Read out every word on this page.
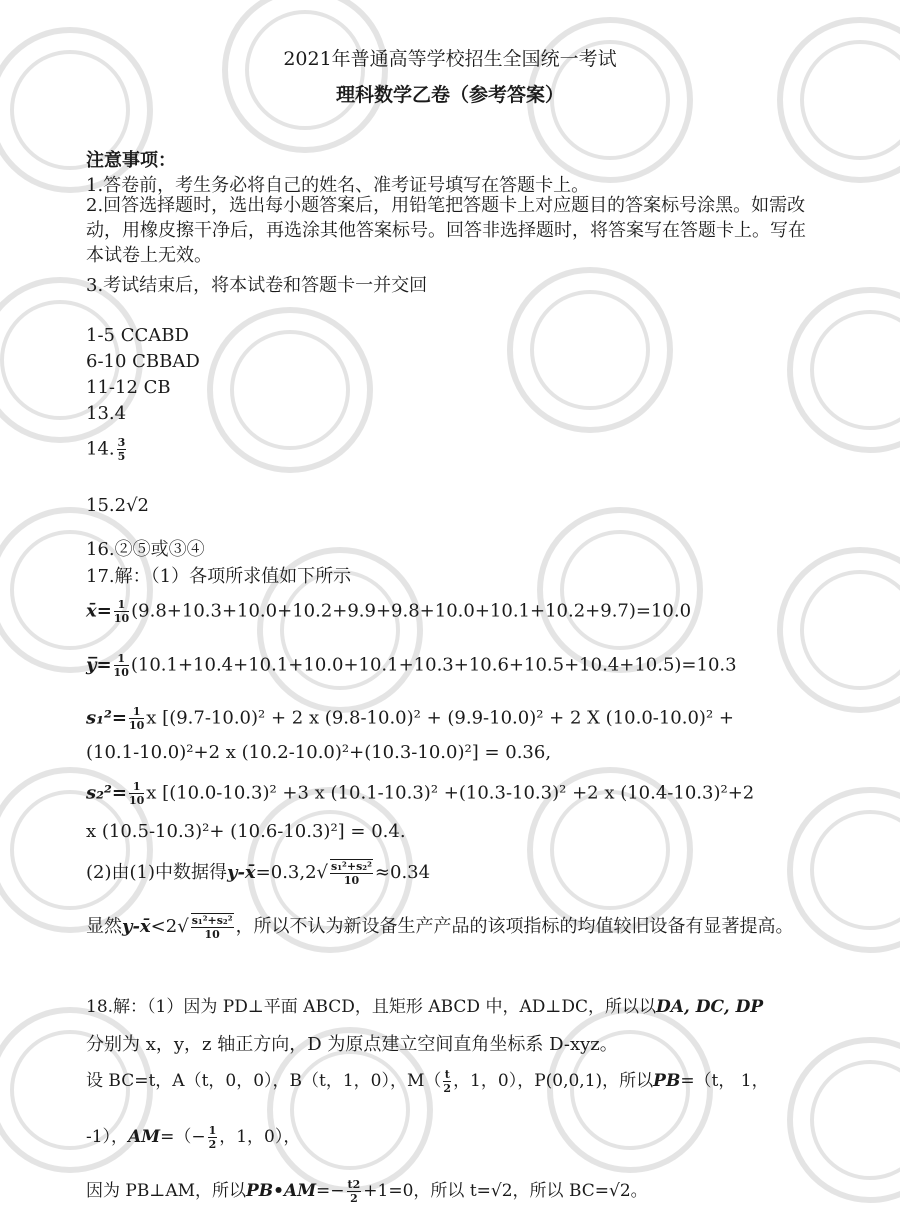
2021年普通高等学校招生全国统一考试
理科数学乙卷（参考答案）
注意事项：
1.答卷前，考生务必将自己的姓名、准考证号填写在答题卡上。
2.回答选择题时，选出每小题答案后，用铅笔把答题卡上对应题目的答案标号涂黑。如需改动，用橡皮擦干净后，再选涂其他答案标号。回答非选择题时，将答案写在答题卡上。写在本试卷上无效。
3.考试结束后，将本试卷和答题卡一并交回
1-5 CCABD
6-10 CBBAD
11-12 CB
13.4
14. $\frac{3}{5}$
15.2√2
16.②⑤或③④
17.解：（1）各项所求值如下所示
x̄= $\frac{1}{10} (9.8+10.3+10.0+10.2+9.9+9.8+10.0+10.1+10.2+9.7)=10.0$
y̅= $\frac{1}{10} (10.1+10.4+10.1+10.0+10.1+10.3+10.6+10.5+10.4+10.5)=10.3$
$s_1^2= \frac{1}{10}$ x [(9.7-10.0)² + 2 x (9.8-10.0)² + (9.9-10.0)² + 2 X (10.0-10.0)² +
(10.1-10.0)²+2 x (10.2-10.0)²+(10.3-10.0)²] = 0.36,
$s_2^2= \frac{1}{10}$ x [(10.0-10.3)² +3 x (10.1-10.3)² +(10.3-10.3)² +2 x (10.4-10.3)²+2
x (10.5-10.3)²+ (10.6-10.3)²] = 0.4.
(2)由(1)中数据得y-x̄=0.3,2√ $\frac{\text{s₁²+s₂²}}{10} \approx 0.34$
显然y-x̄<2√ $\frac{\text{s₁²+s₂²}}{10}$ ，所以不认为新设备生产产品的该项指标的均值较旧设备有显著提高。
18.解：（1）因为 PD⊥平面 ABCD，且矩形 ABCD 中，AD⊥DC，所以以DA, DC, DP
分别为 x，y，z 轴正方向，D 为原点建立空间直角坐标系 D-xyz。
设 BC=t，A（t，0，0），B（t，1，0），$M( \frac{t}{2}$ ，1，0），P(0,0,1)，所以PB=（t， 1，
-1），$AM=(- \frac{1}{2}$ ，1，0），
因为 PB⊥AM，所以PB•AM=− $\frac{t2}{2} +1=0$，所以 t=√2，所以 BC=√2。
